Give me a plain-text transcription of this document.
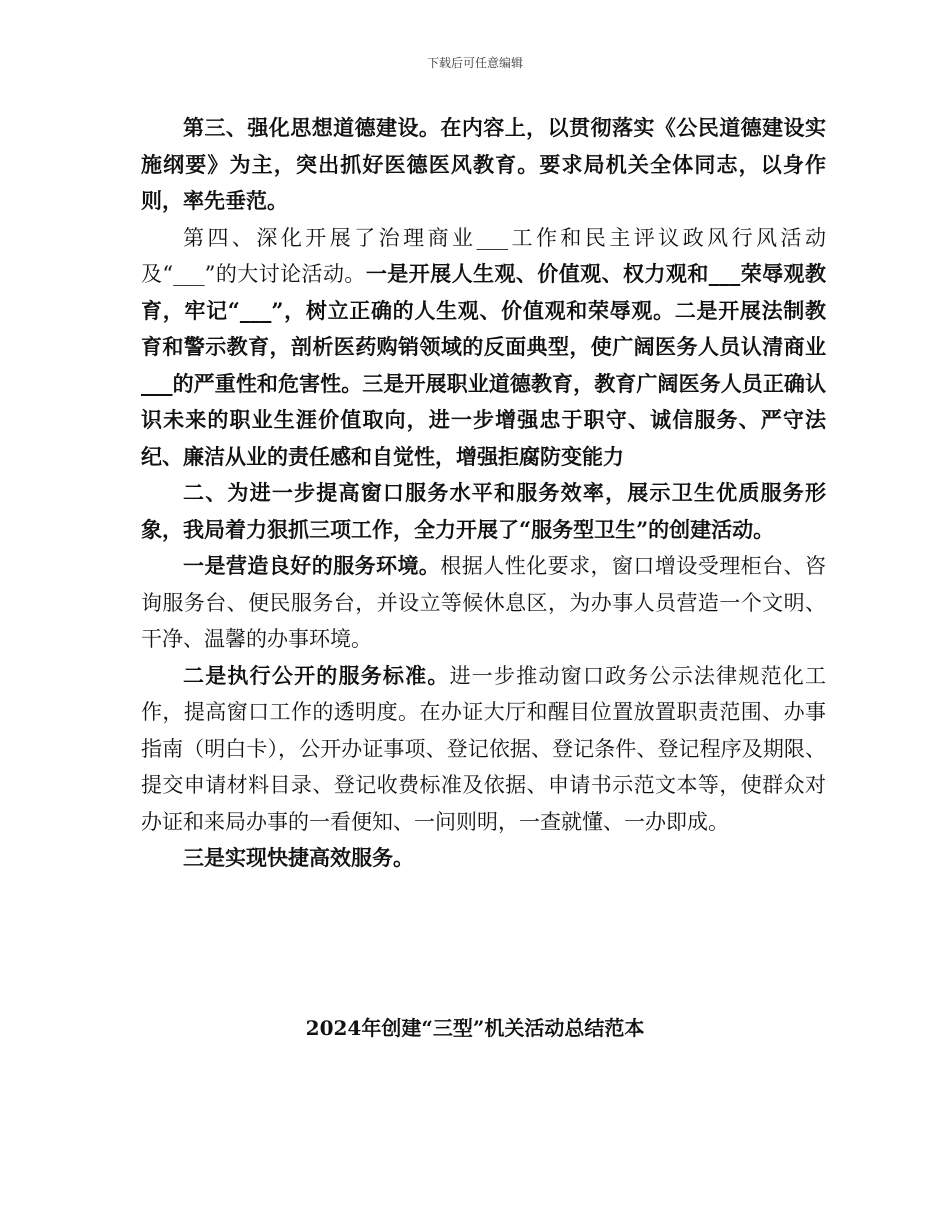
下载后可任意编辑

第三、强化思想道德建设。在内容上，以贯彻落实《公民道德建设实施纲要》为主，突出抓好医德医风教育。要求局机关全体同志，以身作则，率先垂范。

第四、深化开展了治理商业___工作和民主评议政风行风活动及“___”的大讨论活动。一是开展人生观、价值观、权力观和___荣辱观教育，牢记“___”，树立正确的人生观、价值观和荣辱观。二是开展法制教育和警示教育，剖析医药购销领域的反面典型，使广阔医务人员认清商业___的严重性和危害性。三是开展职业道德教育，教育广阔医务人员正确认识未来的职业生涯价值取向，进一步增强忠于职守、诚信服务、严守法纪、廉洁从业的责任感和自觉性，增强拒腐防变能力

二、为进一步提高窗口服务水平和服务效率，展示卫生优质服务形象，我局着力狠抓三项工作，全力开展了“服务型卫生”的创建活动。

一是营造良好的服务环境。根据人性化要求，窗口增设受理柜台、咨询服务台、便民服务台，并设立等候休息区，为办事人员营造一个文明、干净、温馨的办事环境。

二是执行公开的服务标准。进一步推动窗口政务公示法律规范化工作，提高窗口工作的透明度。在办证大厅和醒目位置放置职责范围、办事指南（明白卡），公开办证事项、登记依据、登记条件、登记程序及期限、提交申请材料目录、登记收费标准及依据、申请书示范文本等，使群众对办证和来局办事的一看便知、一问则明，一查就懂、一办即成。

三是实现快捷高效服务。

2024年创建“三型”机关活动总结范本
